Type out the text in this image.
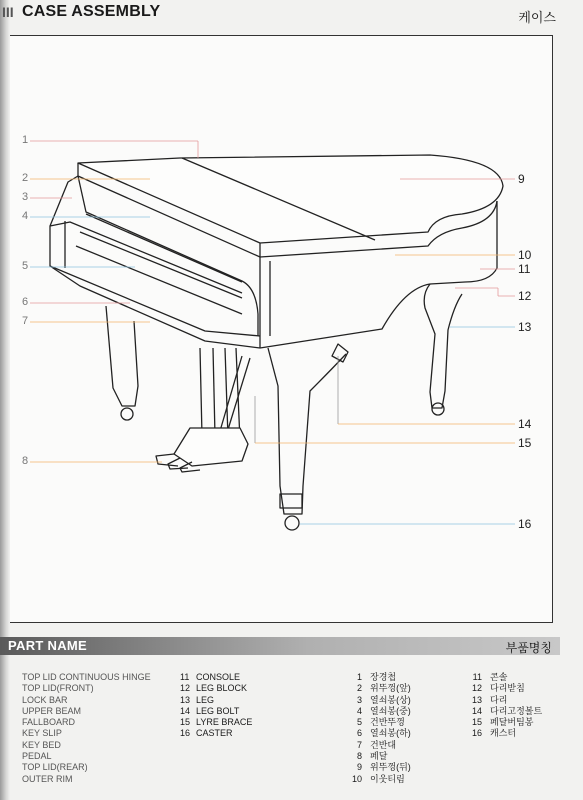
III CASE ASSEMBLY	케이스
1
2
3
4
5
6
7
8
9
10
11
12
13
14
15
16
PART NAME	부품명칭
TOP LID CONTINUOUS HINGE
TOP LID(FRONT)
LOCK BAR
UPPER BEAM
FALLBOARD
KEY SLIP
KEY BED
PEDAL
TOP LID(REAR)
OUTER RIM
11 CONSOLE
12 LEG BLOCK
13 LEG
14 LEG BOLT
15 LYRE BRACE
16 CASTER
1 장경첩
2 위뚜껑(앞)
3 열쇠봉(상)
4 열쇠봉(중)
5 건반뚜껑
6 열쇠봉(하)
7 건반대
8 페달
9 위뚜껑(뒤)
10 이웃티림
11 콘솔
12 다리받침
13 다리
14 다리고정볼트
15 페달버팀봉
16 캐스터
